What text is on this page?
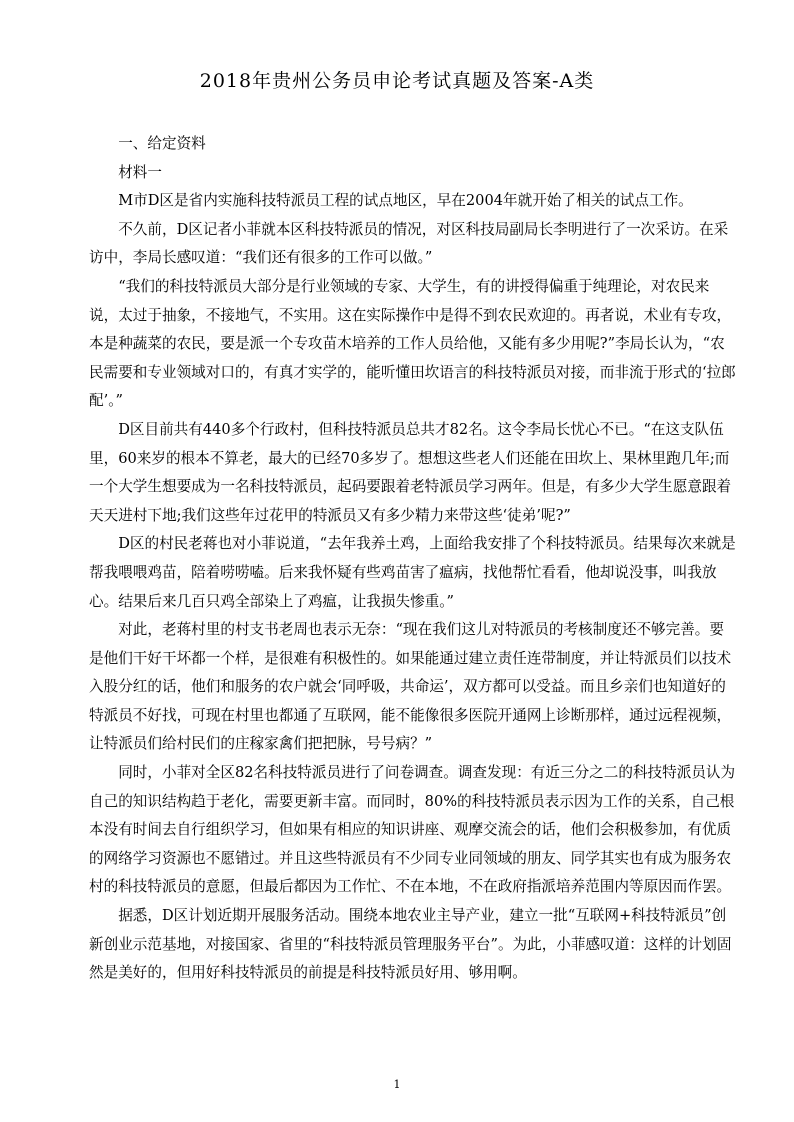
2018年贵州公务员申论考试真题及答案-A类

一、给定资料

材料一

M市D区是省内实施科技特派员工程的试点地区，早在2004年就开始了相关的试点工作。

不久前，D区记者小菲就本区科技特派员的情况，对区科技局副局长李明进行了一次采访。在采访中，李局长感叹道：“我们还有很多的工作可以做。”

“我们的科技特派员大部分是行业领域的专家、大学生，有的讲授得偏重于纯理论，对农民来说，太过于抽象，不接地气，不实用。这在实际操作中是得不到农民欢迎的。再者说，术业有专攻，本是种蔬菜的农民，要是派一个专攻苗木培养的工作人员给他，又能有多少用呢?”李局长认为，“农民需要和专业领域对口的，有真才实学的，能听懂田坎语言的科技特派员对接，而非流于形式的‘拉郎配’。”

D区目前共有440多个行政村，但科技特派员总共才82名。这令李局长忧心不已。“在这支队伍里，60来岁的根本不算老，最大的已经70多岁了。想想这些老人们还能在田坎上、果林里跑几年;而一个大学生想要成为一名科技特派员，起码要跟着老特派员学习两年。但是，有多少大学生愿意跟着天天进村下地;我们这些年过花甲的特派员又有多少精力来带这些‘徒弟’呢?”

D区的村民老蒋也对小菲说道，“去年我养土鸡，上面给我安排了个科技特派员。结果每次来就是帮我喂喂鸡苗，陪着唠唠嗑。后来我怀疑有些鸡苗害了瘟病，找他帮忙看看，他却说没事，叫我放心。结果后来几百只鸡全部染上了鸡瘟，让我损失惨重。”

对此，老蒋村里的村支书老周也表示无奈：“现在我们这儿对特派员的考核制度还不够完善。要是他们干好干坏都一个样，是很难有积极性的。如果能通过建立责任连带制度，并让特派员们以技术入股分红的话，他们和服务的农户就会‘同呼吸，共命运’，双方都可以受益。而且乡亲们也知道好的特派员不好找，可现在村里也都通了互联网，能不能像很多医院开通网上诊断那样，通过远程视频，让特派员们给村民们的庄稼家禽们把把脉，号号病？”

同时，小菲对全区82名科技特派员进行了问卷调查。调查发现：有近三分之二的科技特派员认为自己的知识结构趋于老化，需要更新丰富。而同时，80%的科技特派员表示因为工作的关系，自己根本没有时间去自行组织学习，但如果有相应的知识讲座、观摩交流会的话，他们会积极参加，有优质的网络学习资源也不愿错过。并且这些特派员有不少同专业同领域的朋友、同学其实也有成为服务农村的科技特派员的意愿，但最后都因为工作忙、不在本地，不在政府指派培养范围内等原因而作罢。

据悉，D区计划近期开展服务活动。围绕本地农业主导产业，建立一批“互联网+科技特派员”创新创业示范基地，对接国家、省里的“科技特派员管理服务平台”。为此，小菲感叹道：这样的计划固然是美好的，但用好科技特派员的前提是科技特派员好用、够用啊。

1
